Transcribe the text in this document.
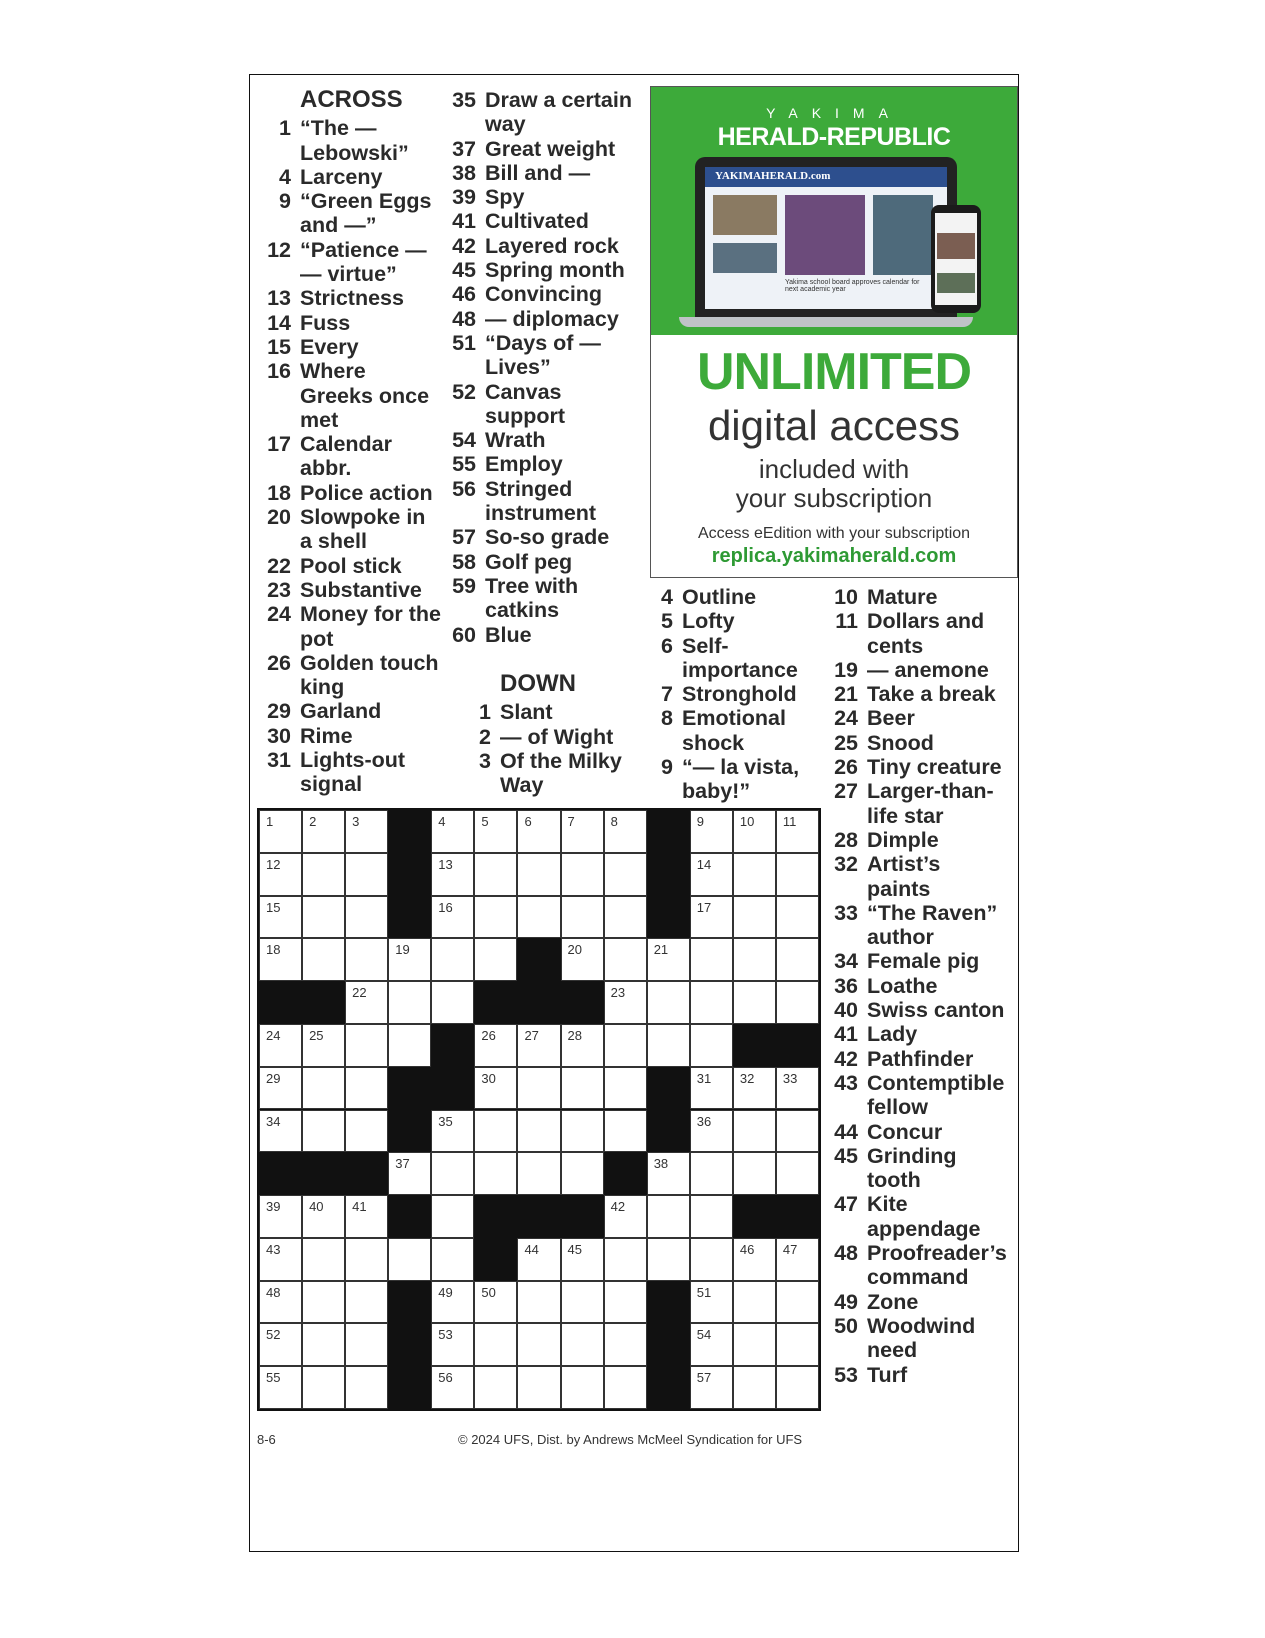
ACROSS
1 “The — Lebowski”
4 Larceny
9 “Green Eggs and —”
12 “Patience — — virtue”
13 Strictness
14 Fuss
15 Every
16 Where Greeks once met
17 Calendar abbr.
18 Police action
20 Slowpoke in a shell
22 Pool stick
23 Substantive
24 Money for the pot
26 Golden touch king
29 Garland
30 Rime
31 Lights-out signal
35 Draw a certain way
37 Great weight
38 Bill and —
39 Spy
41 Cultivated
42 Layered rock
45 Spring month
46 Convincing
48 — diplomacy
51 “Days of — Lives”
52 Canvas support
54 Wrath
55 Employ
56 Stringed instrument
57 So-so grade
58 Golf peg
59 Tree with catkins
60 Blue
DOWN
1 Slant
2 — of Wight
3 Of the Milky Way
4 Outline
5 Lofty
6 Self-importance
7 Stronghold
8 Emotional shock
9 “— la vista, baby!”
10 Mature
11 Dollars and cents
19 — anemone
21 Take a break
24 Beer
25 Snood
26 Tiny creature
27 Larger-than-life star
28 Dimple
32 Artist’s paints
33 “The Raven” author
34 Female pig
36 Loathe
40 Swiss canton
41 Lady
42 Pathfinder
43 Contemptible fellow
44 Concur
45 Grinding tooth
47 Kite appendage
48 Proofreader’s command
49 Zone
50 Woodwind need
53 Turf
YAKIMA
HERALD-REPUBLIC
YAKIMAHERALD.com
Yakima school board approves calendar for next academic year
UNLIMITED
digital access
included with
your subscription
Access eEdition with your subscription
replica.yakimaherald.com
1	2	3	4	5	6	7	8	9	10 11
12	13	14
15	16	17
18	19	20	21
22	23
24 25	26 27 28
29	30	31 32 33
34	35	36
37	38
39 40 41	42
43	44 45	46 47
48	49 50	51
52	53	54
55	56	57
8-6	© 2024 UFS, Dist. by Andrews McMeel Syndication for UFS
